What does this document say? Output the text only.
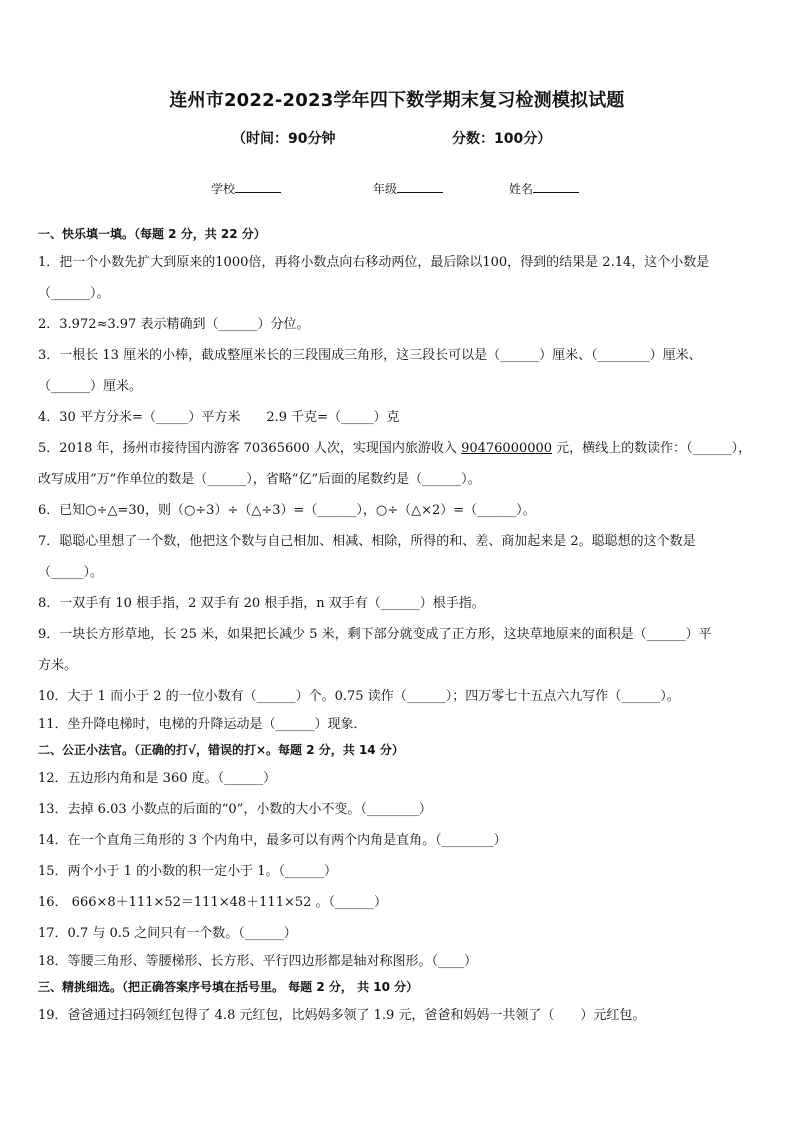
连州市2022-2023学年四下数学期末复习检测模拟试题
（时间：90分钟	分数：100分）
学校	年级	姓名
一、快乐填一填。（每题 2 分，共 22 分）
1．把一个小数先扩大到原来的1000倍，再将小数点向右移动两位，最后除以100，得到的结果是 2.14，这个小数是
（______）。
2．3.972≈3.97 表示精确到（______）分位。
3．一根长 13 厘米的小棒，截成整厘米长的三段围成三角形，这三段长可以是（______）厘米、（________）厘米、
（______）厘米。
4．30 平方分米=（_____）平方米　　2.9 千克=（_____）克
5．2018 年，扬州市接待国内游客 70365600 人次，实现国内旅游收入 90476000000 元，横线上的数读作：（______），
改写成用“万”作单位的数是（______），省略“亿”后面的尾数约是（______）。
6．已知○÷△=30，则（○÷3）÷（△÷3）=（______），○÷（△×2）=（______）。
7．聪聪心里想了一个数，他把这个数与自己相加、相减、相除，所得的和、差、商加起来是 2。聪聪想的这个数是
（_____）。
8．一双手有 10 根手指，2 双手有 20 根手指，n 双手有（______）根手指。
9．一块长方形草地，长 25 米，如果把长减少 5 米，剩下部分就变成了正方形，这块草地原来的面积是（______）平
方米。
10．大于 1 而小于 2 的一位小数有（______）个。0.75 读作（______）；四万零七十五点六九写作（______）。
11．坐升降电梯时，电梯的升降运动是（______）现象．
二、公正小法官。（正确的打√，错误的打×。每题 2 分，共 14 分）
12．五边形内角和是 360 度。（______）
13．去掉 6.03 小数点的后面的“0”，小数的大小不变。（________）
14．在一个直角三角形的 3 个内角中，最多可以有两个内角是直角。（________）
15．两个小于 1 的小数的积一定小于 1。（______）
16． 666×8＋111×52＝111×48＋111×52 。（______）
17．0.7 与 0.5 之间只有一个数。（______）
18．等腰三角形、等腰梯形、长方形、平行四边形都是轴对称图形。（____）
三、精挑细选。（把正确答案序号填在括号里。 每题 2 分， 共 10 分）
19．爸爸通过扫码领红包得了 4.8 元红包，比妈妈多领了 1.9 元，爸爸和妈妈一共领了（　　）元红包。
